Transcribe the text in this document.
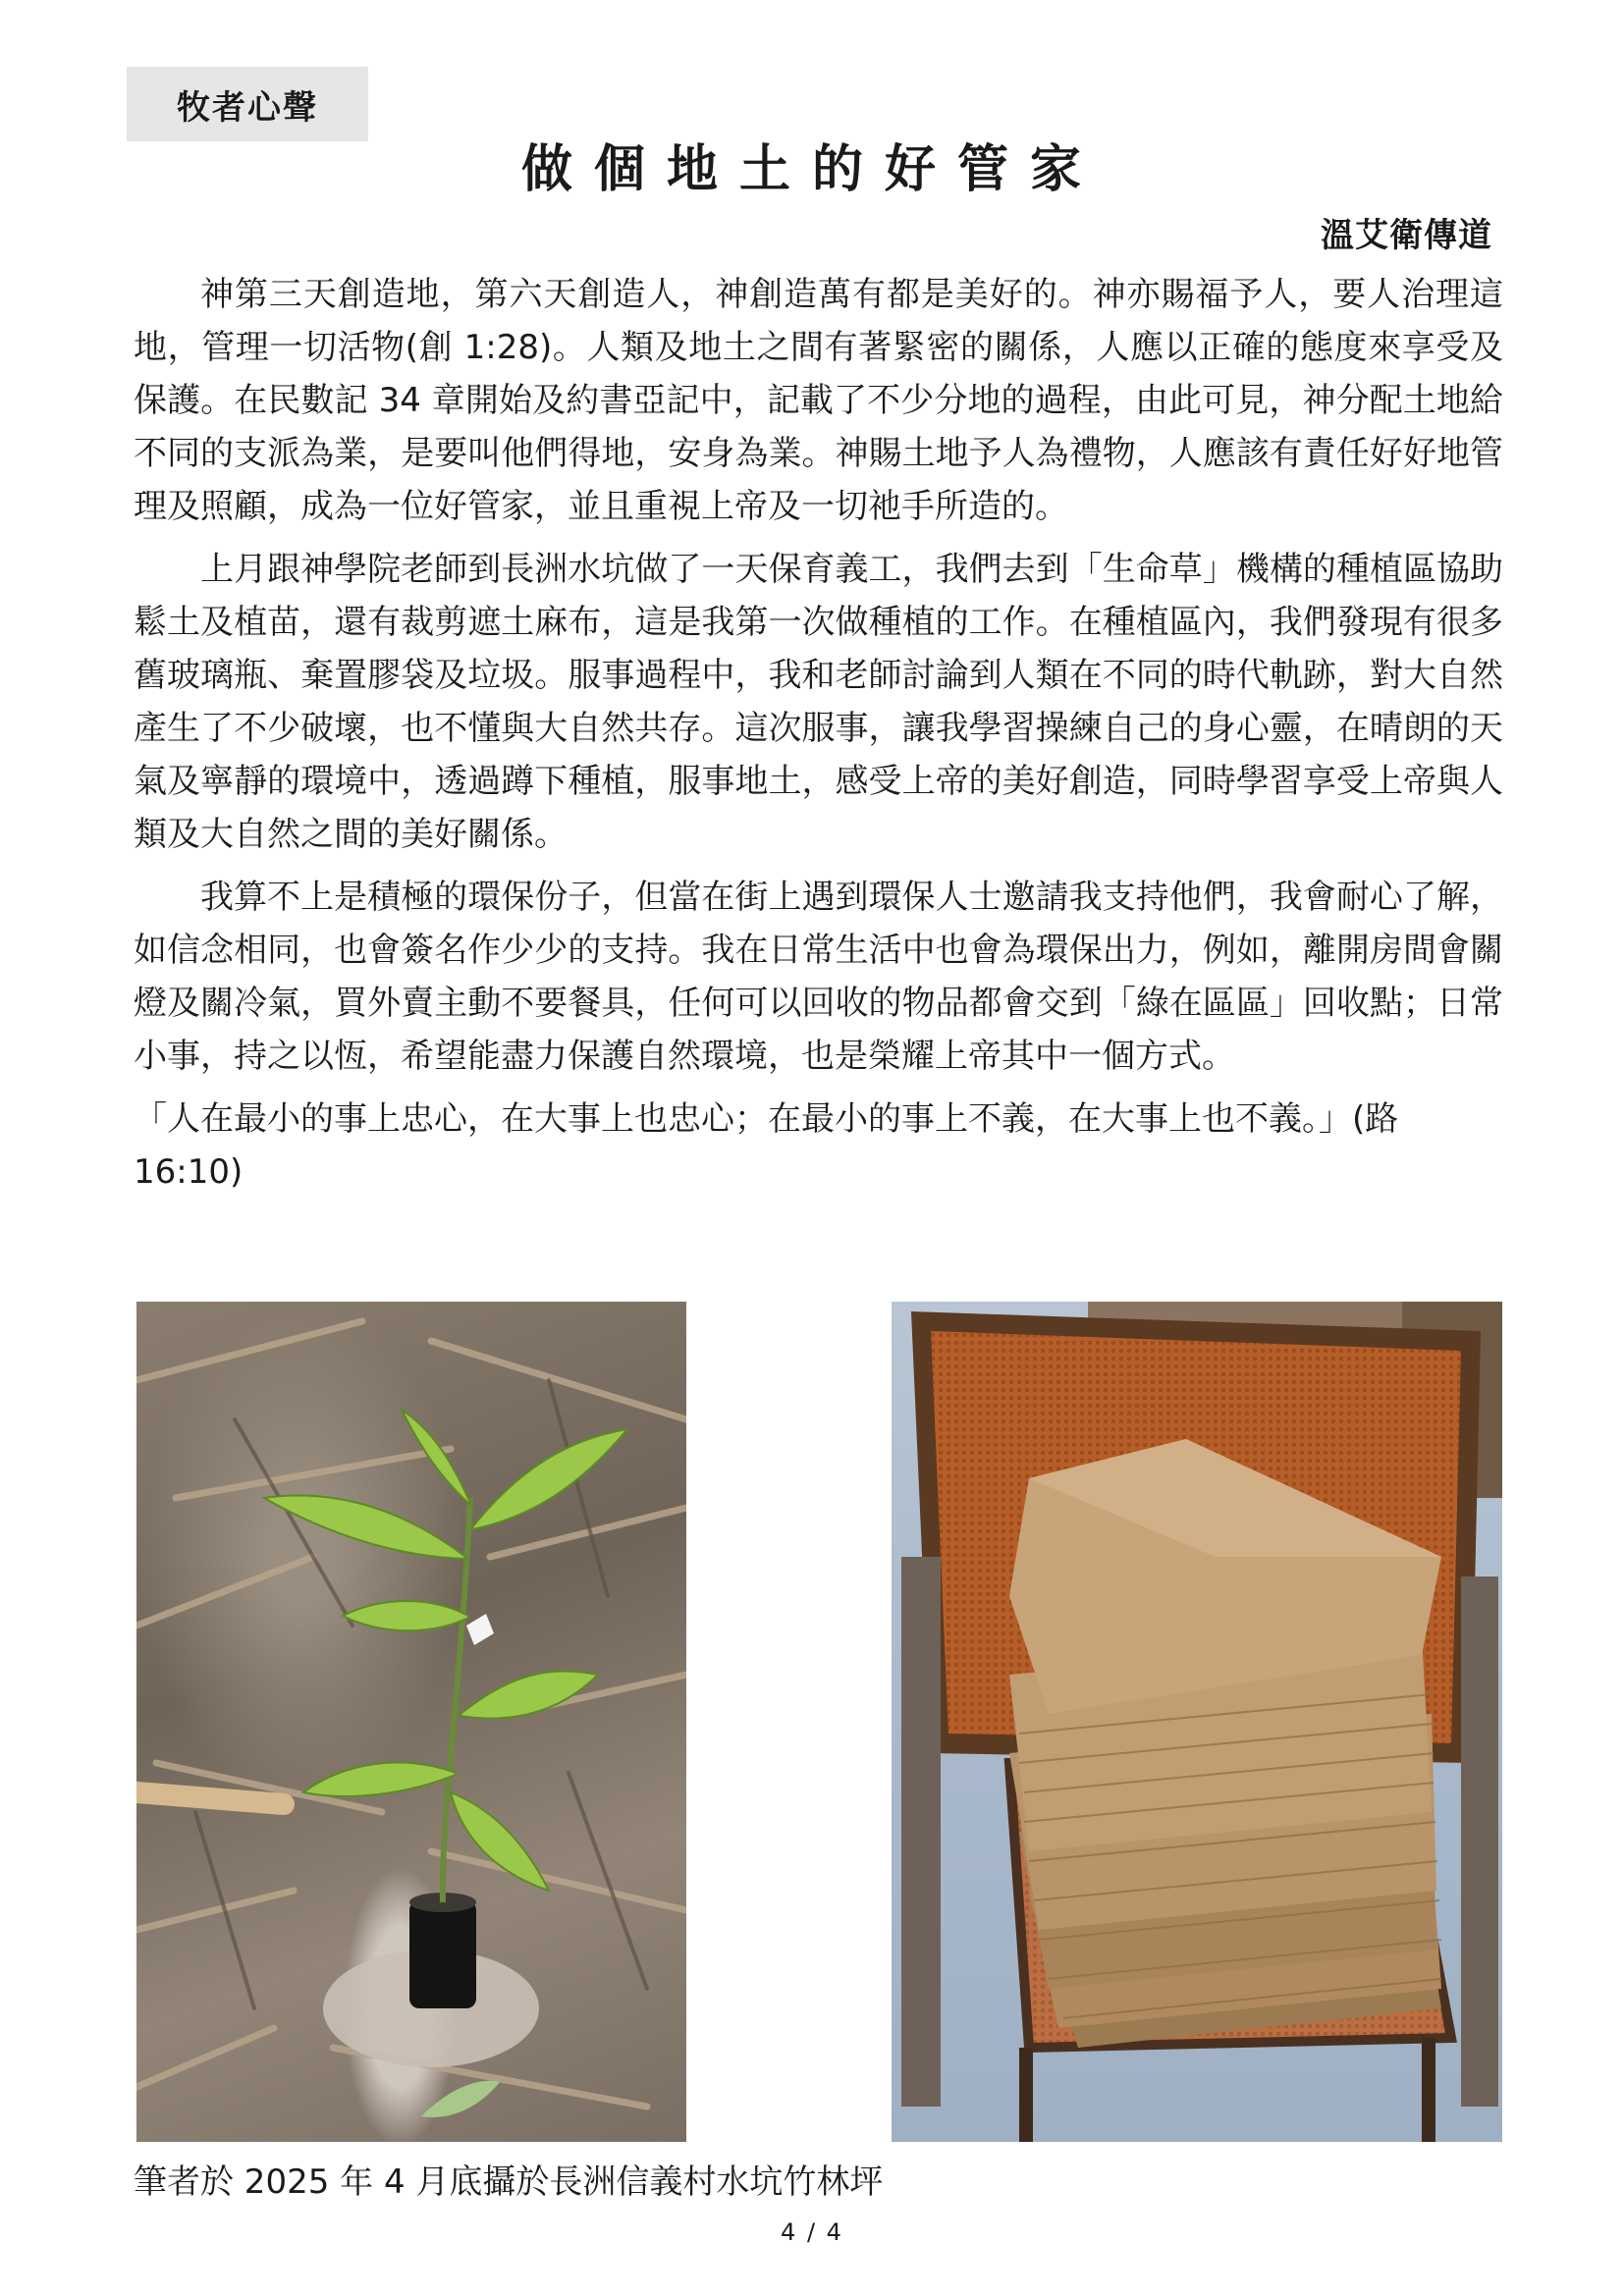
牧者心聲
做個地土的好管家
溫艾衛傳道

神第三天創造地，第六天創造人，神創造萬有都是美好的。神亦賜福予人，要人治理這地，管理一切活物(創 1:28)。人類及地土之間有著緊密的關係，人應以正確的態度來享受及保護。在民數記 34 章開始及約書亞記中，記載了不少分地的過程，由此可見，神分配土地給不同的支派為業，是要叫他們得地，安身為業。神賜土地予人為禮物，人應該有責任好好地管理及照顧，成為一位好管家，並且重視上帝及一切祂手所造的。

上月跟神學院老師到長洲水坑做了一天保育義工，我們去到「生命草」機構的種植區協助鬆土及植苗，還有裁剪遮土麻布，這是我第一次做種植的工作。在種植區內，我們發現有很多舊玻璃瓶、棄置膠袋及垃圾。服事過程中，我和老師討論到人類在不同的時代軌跡，對大自然產生了不少破壞，也不懂與大自然共存。這次服事，讓我學習操練自己的身心靈，在晴朗的天氣及寧靜的環境中，透過蹲下種植，服事地土，感受上帝的美好創造，同時學習享受上帝與人類及大自然之間的美好關係。

我算不上是積極的環保份子，但當在街上遇到環保人士邀請我支持他們，我會耐心了解，如信念相同，也會簽名作少少的支持。我在日常生活中也會為環保出力，例如，離開房間會關燈及關冷氣，買外賣主動不要餐具，任何可以回收的物品都會交到「綠在區區」回收點；日常小事，持之以恆，希望能盡力保護自然環境，也是榮耀上帝其中一個方式。

「人在最小的事上忠心，在大事上也忠心；在最小的事上不義，在大事上也不義。」(路 16:10)

筆者於 2025 年 4 月底攝於長洲信義村水坑竹林坪
4 / 4
